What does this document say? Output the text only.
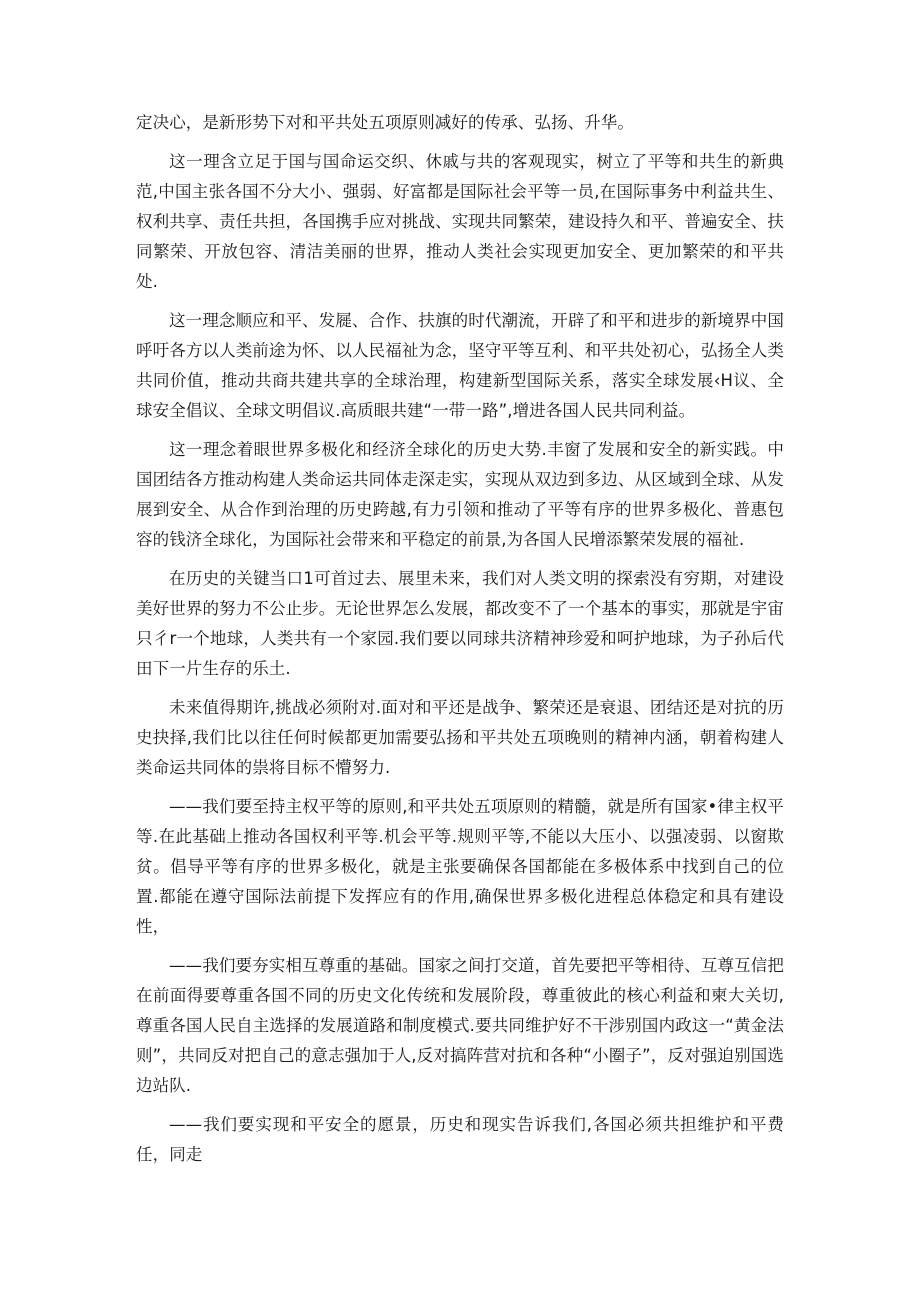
定决心，是新形势下对和平共处五项原则减好的传承、弘扬、升华。

这一理含立足于国与国命运交织、休戚与共的客观现实，树立了平等和共生的新典范,中国主张各国不分大小、强弱、好富都是国际社会平等一员,在国际事务中利益共生、权利共享、责任共担，各国携手应对挑战、实现共同繁荣，建设持久和平、普遍安全、扶同繁荣、开放包容、清洁美丽的世界，推动人类社会实现更加安全、更加繁荣的和平共处.

这一理念顺应和平、发屣、合作、扶旗的时代潮流，开辟了和平和进步的新境界中国呼吁各方以人类前途为怀、以人民福祉为念，坚守平等互利、和平共处初心，弘扬全人类共同价值，推动共商共建共享的全球治理，构建新型国际关系，落实全球发展‹H议、全球安全倡议、全球文明倡议.高质眼共建“一带一路”,增进各国人民共同利益。

这一理念着眼世界多极化和经济全球化的历史大势.丰窗了发展和安全的新实践。中国团结各方推动构建人类命运共同体走深走实，实现从双边到多边、从区域到全球、从发展到安全、从合作到治理的历史跨越,有力引领和推动了平等有序的世界多极化、普惠包容的钱济全球化，为国际社会带来和平稳定的前景,为各国人民增添繁荣发展的福祉.

在历史的关键当口1可首过去、展里未来，我们对人类文明的探索没有穷期，对建设美好世界的努力不公止步。无论世界怎么发展，都改变不了一个基本的事实，那就是宇宙只彳r一个地球，人类共有一个家园.我们要以同球共济精神珍爱和呵护地球，为子孙后代田下一片生存的乐土.

未来值得期许,挑战必须附对.面对和平还是战争、繁荣还是衰退、团结还是对抗的历史抉择,我们比以往任何时候都更加需要弘扬和平共处五项晚则的精神内涵，朝着构建人类命运共同体的祟将目标不懵努力.

——我们要至持主权平等的原则,和平共处五项原则的精髓，就是所有国家•律主权平等.在此基础上推动各国权利平等.机会平等.规则平等,不能以大压小、以强凌弱、以窗欺贫。倡导平等有序的世界多极化，就是主张要确保各国都能在多极体系中找到自己的位置.都能在遵守国际法前提下发挥应有的作用,确保世界多极化进程总体稳定和具有建设性，

——我们要夯实相互尊重的基础。国家之间打交道，首先要把平等相待、互尊互信把在前面得要尊重各国不同的历史文化传统和发展阶段，尊重彼此的核心利益和柬大关切,尊重各国人民自主选择的发展道路和制度模式.要共同维护好不干涉别国内政这一“黄金法则”，共同反对把自己的意志强加于人,反对搞阵营对抗和各种“小圈子”，反对强迫别国选边站队.

——我们要实现和平安全的愿景，历史和现实告诉我们,各国必须共担维护和平费任，同走
